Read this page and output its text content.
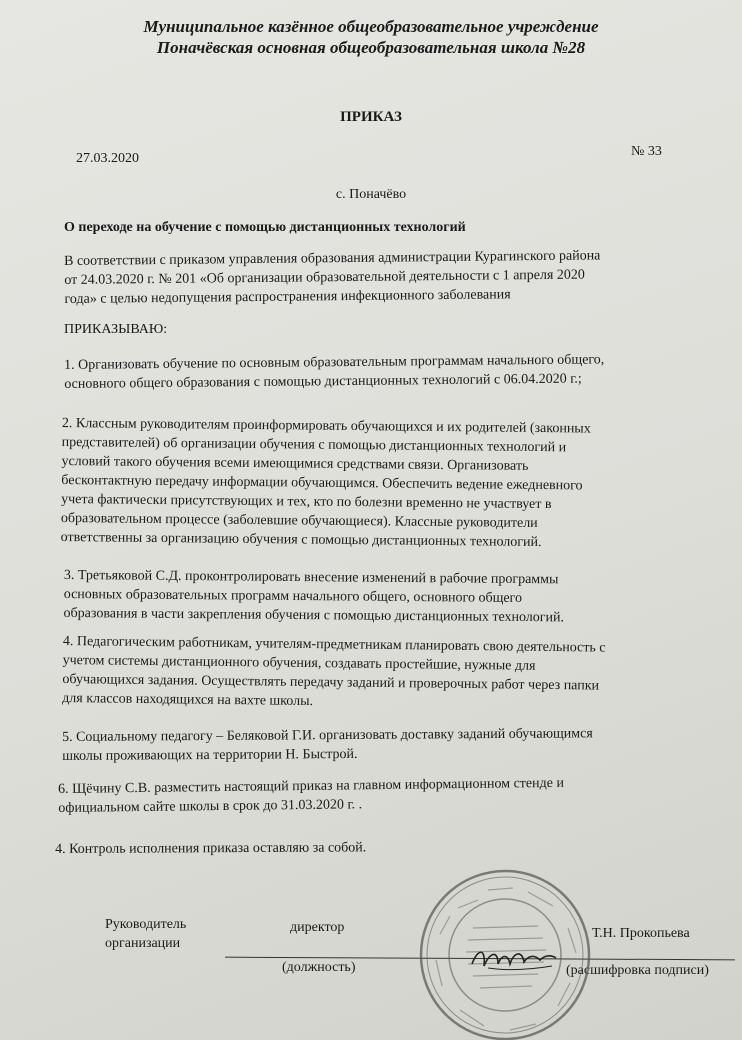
Муниципальное казённое общеобразовательное учреждение
Поначёвская основная общеобразовательная школа №28
ПРИКАЗ
27.03.2020	№ 33
с. Поначёво
О переходе на обучение с помощью дистанционных технологий

В соответствии с приказом управления образования администрации Курагинского района

от 24.03.2020 г. № 201 «Об организации образовательной деятельности с 1 апреля 2020

года» с целью недопущения распространения инфекционного заболевания

ПРИКАЗЫВАЮ:

1. Организовать обучение по основным образовательным программам начального общего,

основного общего образования с помощью дистанционных технологий с 06.04.2020 г.;

2. Классным руководителям проинформировать обучающихся и их родителей (законных

представителей) об организации обучения с помощью дистанционных технологий и

условий такого обучения всеми имеющимися средствами связи. Организовать

бесконтактную передачу информации обучающимся. Обеспечить ведение ежедневного

учета фактически присутствующих и тех, кто по болезни временно не участвует в

образовательном процессе (заболевшие обучающиеся). Классные руководители

ответственны за организацию обучения с помощью дистанционных технологий.

3. Третьяковой С.Д. проконтролировать внесение изменений в рабочие программы

основных образовательных программ начального общего, основного общего

образования в части закрепления обучения с помощью дистанционных технологий.

4. Педагогическим работникам, учителям-предметникам планировать свою деятельность с

учетом системы дистанционного обучения, создавать простейшие, нужные для

обучающихся задания. Осуществлять передачу заданий и проверочных работ через папки

для классов находящихся на вахте школы.

5. Социальному педагогу – Беляковой Г.И. организовать доставку заданий обучающимся

школы проживающих на территории Н. Быстрой.

6. Щёчину С.В. разместить настоящий приказ на главном информационном стенде и

официальном сайте школы в срок до 31.03.2020 г. .

4. Контроль исполнения приказа оставляю за собой.

Руководитель
организации
директор	Т.Н. Прокопьева
(должность)	(расшифровка подписи)
